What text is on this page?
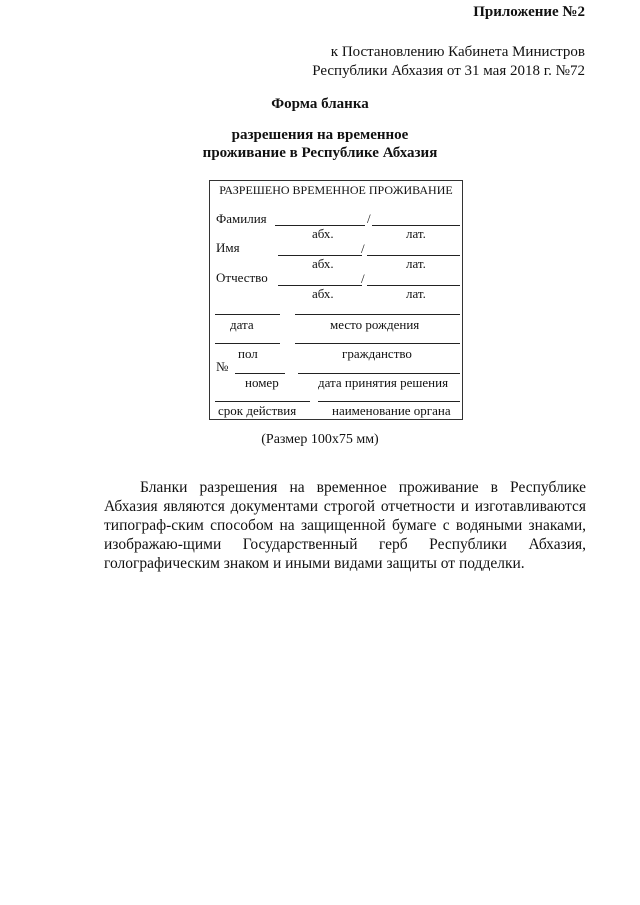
Приложение №2
к Постановлению Кабинета Министров
Республики Абхазия от 31 мая 2018 г. №72
Форма бланка
разрешения на временное
проживание в Республике Абхазия
РАЗРЕШЕНО ВРЕМЕННОЕ ПРОЖИВАНИЕ
Фамилия	/
абх.	лат.
Имя	/
абх.	лат.
Отчество	/
абх.	лат.
дата	место рождения
пол	гражданство
№
номер	дата принятия решения
срок действия	наименование органа
(Размер 100x75 мм)
Бланки разрешения на временное проживание в Республике Абхазия являются документами строгой отчетности и изготавливаются типограф-ским способом на защищенной бумаге с водяными знаками, изображаю-щими Государственный герб Республики Абхазия, голографическим знаком и иными видами защиты от подделки.
